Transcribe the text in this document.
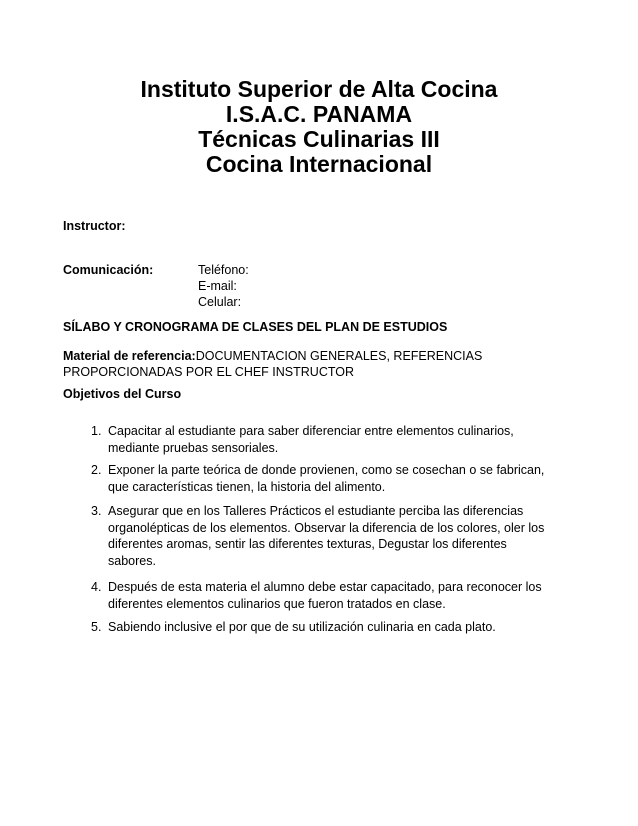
Instituto Superior de Alta Cocina
I.S.A.C. PANAMA
Técnicas Culinarias III
Cocina Internacional
Instructor:
Comunicación:	Teléfono:
E-mail:
Celular:
SÍLABO Y CRONOGRAMA DE CLASES DEL PLAN DE ESTUDIOS
Material de referencia:DOCUMENTACION GENERALES, REFERENCIAS PROPORCIONADAS POR EL CHEF INSTRUCTOR
Objetivos del Curso
1. Capacitar al estudiante para saber diferenciar entre elementos culinarios, mediante pruebas sensoriales.
2. Exponer la parte teórica de donde provienen, como se cosechan o se fabrican, que características tienen, la historia del alimento.
3. Asegurar que en los Talleres Prácticos el estudiante perciba las diferencias organolépticas de los elementos. Observar la diferencia de los colores, oler los diferentes aromas, sentir las diferentes texturas, Degustar los diferentes sabores.
4. Después de esta materia el alumno debe estar capacitado, para reconocer los diferentes elementos culinarios que fueron tratados en clase.
5. Sabiendo inclusive el por que de su utilización culinaria en cada plato.
